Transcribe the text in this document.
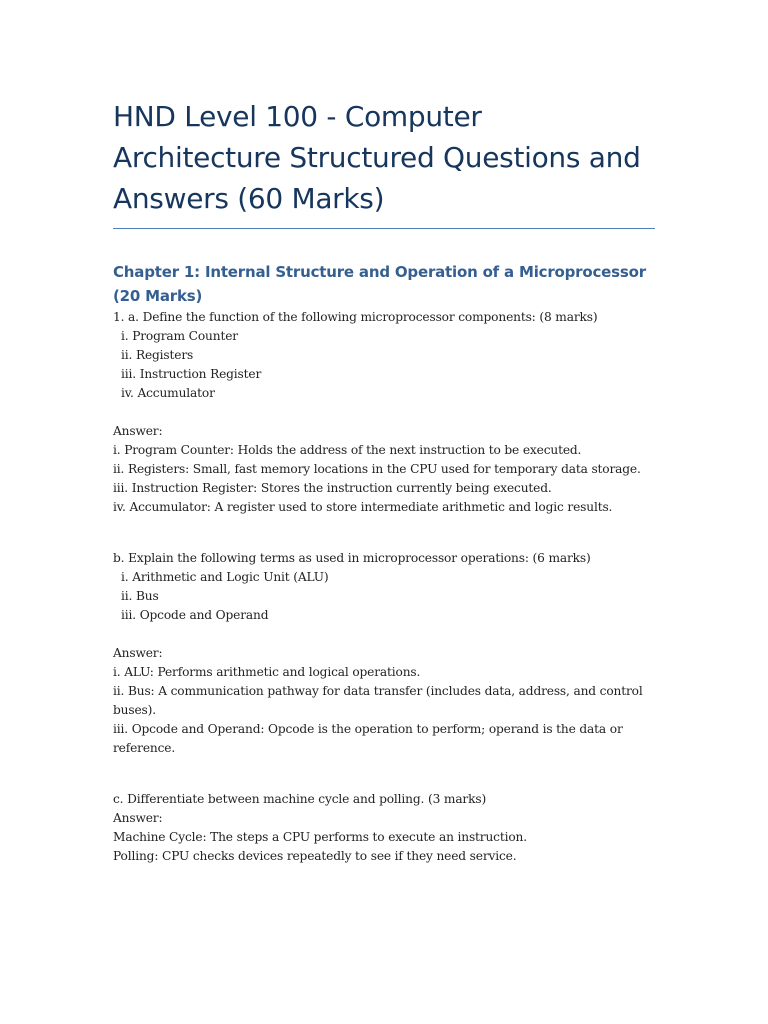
HND Level 100 - Computer Architecture Structured Questions and Answers (60 Marks)
Chapter 1: Internal Structure and Operation of a Microprocessor (20 Marks)
1. a. Define the function of the following microprocessor components: (8 marks)
i. Program Counter
ii. Registers
iii. Instruction Register
iv. Accumulator
Answer:
i. Program Counter: Holds the address of the next instruction to be executed.
ii. Registers: Small, fast memory locations in the CPU used for temporary data storage.
iii. Instruction Register: Stores the instruction currently being executed.
iv. Accumulator: A register used to store intermediate arithmetic and logic results.
b. Explain the following terms as used in microprocessor operations: (6 marks)
i. Arithmetic and Logic Unit (ALU)
ii. Bus
iii. Opcode and Operand
Answer:
i. ALU: Performs arithmetic and logical operations.
ii. Bus: A communication pathway for data transfer (includes data, address, and control buses).
iii. Opcode and Operand: Opcode is the operation to perform; operand is the data or reference.
c. Differentiate between machine cycle and polling. (3 marks)
Answer:
Machine Cycle: The steps a CPU performs to execute an instruction.
Polling: CPU checks devices repeatedly to see if they need service.
